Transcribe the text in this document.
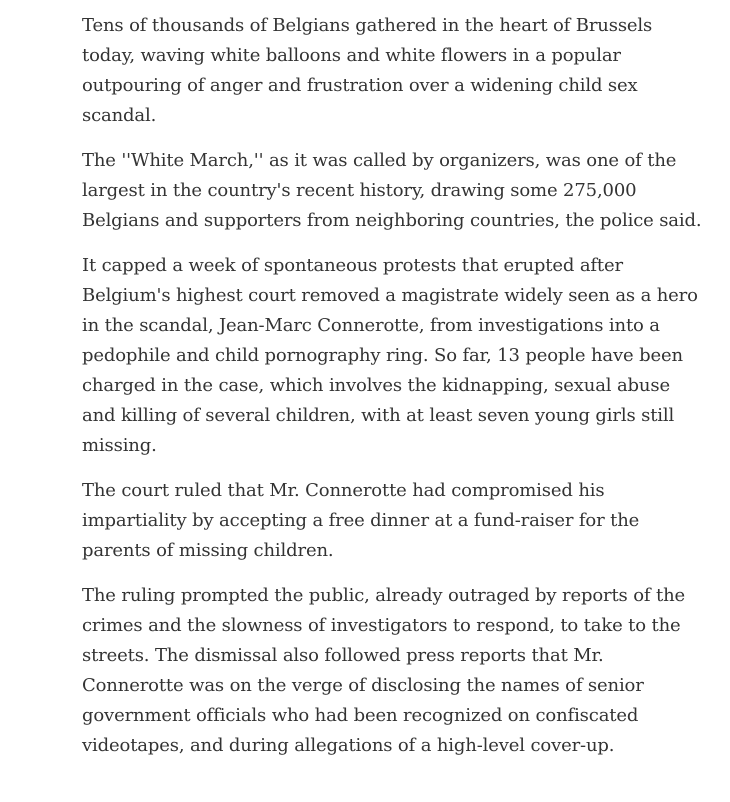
Tens of thousands of Belgians gathered in the heart of Brussels today, waving white balloons and white flowers in a popular outpouring of anger and frustration over a widening child sex scandal.

The ''White March,'' as it was called by organizers, was one of the largest in the country's recent history, drawing some 275,000 Belgians and supporters from neighboring countries, the police said.

It capped a week of spontaneous protests that erupted after Belgium's highest court removed a magistrate widely seen as a hero in the scandal, Jean-Marc Connerotte, from investigations into a pedophile and child pornography ring. So far, 13 people have been charged in the case, which involves the kidnapping, sexual abuse and killing of several children, with at least seven young girls still missing.

The court ruled that Mr. Connerotte had compromised his impartiality by accepting a free dinner at a fund-raiser for the parents of missing children.

The ruling prompted the public, already outraged by reports of the crimes and the slowness of investigators to respond, to take to the streets. The dismissal also followed press reports that Mr. Connerotte was on the verge of disclosing the names of senior government officials who had been recognized on confiscated videotapes, and during allegations of a high-level cover-up.
